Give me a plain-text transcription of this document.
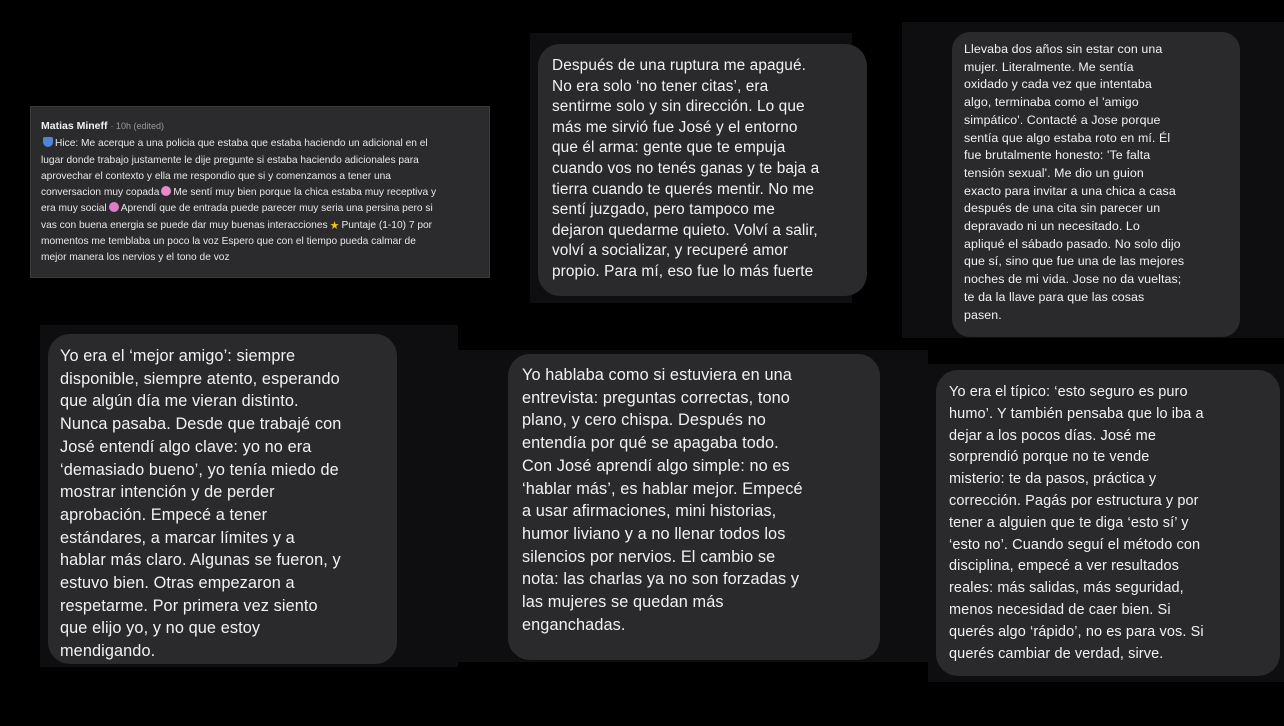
Matias Mineff · 10h (edited)
Hice: Me acerque a una policia que estaba que estaba haciendo un adicional en el
lugar donde trabajo justamente le dije pregunte si estaba haciendo adicionales para
aprovechar el contexto y ella me respondio que si y comenzamos a tener una
conversacion muy copada Me sentí muy bien porque la chica estaba muy receptiva y
era muy social Aprendí que de entrada puede parecer muy seria una persina pero si
vas con buena energia se puede dar muy buenas interacciones ★ Puntaje (1-10) 7 por
momentos me temblaba un poco la voz Espero que con el tiempo pueda calmar de
mejor manera los nervios y el tono de voz
Después de una ruptura me apagué.
No era solo ‘no tener citas’, era
sentirme solo y sin dirección. Lo que
más me sirvió fue José y el entorno
que él arma: gente que te empuja
cuando vos no tenés ganas y te baja a
tierra cuando te querés mentir. No me
sentí juzgado, pero tampoco me
dejaron quedarme quieto. Volví a salir,
volví a socializar, y recuperé amor
propio. Para mí, eso fue lo más fuerte
Llevaba dos años sin estar con una
mujer. Literalmente. Me sentía
oxidado y cada vez que intentaba
algo, terminaba como el 'amigo
simpático'. Contacté a Jose porque
sentía que algo estaba roto en mí. Él
fue brutalmente honesto: 'Te falta
tensión sexual'. Me dio un guion
exacto para invitar a una chica a casa
después de una cita sin parecer un
depravado ni un necesitado. Lo
apliqué el sábado pasado. No solo dijo
que sí, sino que fue una de las mejores
noches de mi vida. Jose no da vueltas;
te da la llave para que las cosas
pasen.
Yo era el ‘mejor amigo’: siempre
disponible, siempre atento, esperando
que algún día me vieran distinto.
Nunca pasaba. Desde que trabajé con
José entendí algo clave: yo no era
‘demasiado bueno’, yo tenía miedo de
mostrar intención y de perder
aprobación. Empecé a tener
estándares, a marcar límites y a
hablar más claro. Algunas se fueron, y
estuvo bien. Otras empezaron a
respetarme. Por primera vez siento
que elijo yo, y no que estoy
mendigando.
Yo hablaba como si estuviera en una
entrevista: preguntas correctas, tono
plano, y cero chispa. Después no
entendía por qué se apagaba todo.
Con José aprendí algo simple: no es
‘hablar más’, es hablar mejor. Empecé
a usar afirmaciones, mini historias,
humor liviano y a no llenar todos los
silencios por nervios. El cambio se
nota: las charlas ya no son forzadas y
las mujeres se quedan más
enganchadas.
Yo era el típico: ‘esto seguro es puro
humo’. Y también pensaba que lo iba a
dejar a los pocos días. José me
sorprendió porque no te vende
misterio: te da pasos, práctica y
corrección. Pagás por estructura y por
tener a alguien que te diga ‘esto sí’ y
‘esto no’. Cuando seguí el método con
disciplina, empecé a ver resultados
reales: más salidas, más seguridad,
menos necesidad de caer bien. Si
querés algo ‘rápido’, no es para vos. Si
querés cambiar de verdad, sirve.
